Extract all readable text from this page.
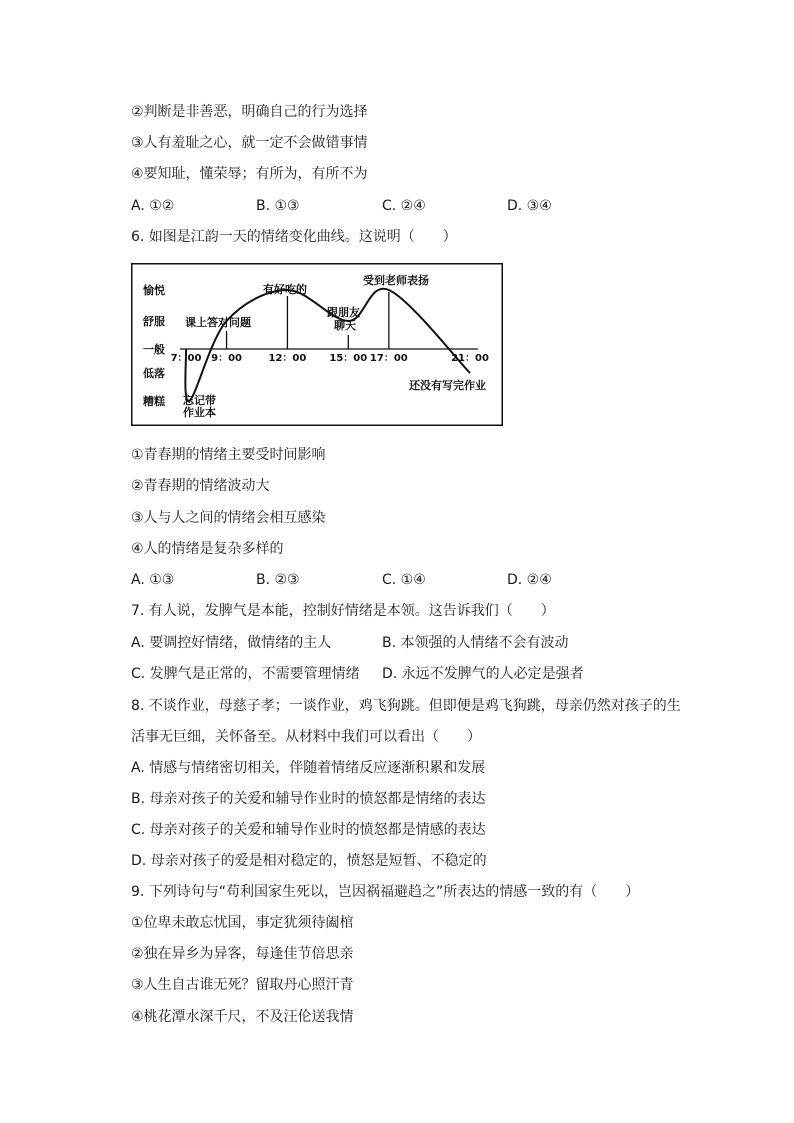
②判断是非善恶，明确自己的行为选择
③人有羞耻之心，就一定不会做错事情
④要知耻，懂荣辱；有所为，有所不为
A. ①②	B. ①③	C. ②④	D. ③④
6. 如图是江韵一天的情绪变化曲线。这说明（　　）
愉悦
舒服
一般
低落
糟糕
7：00 9：00	12：00 15：00 17：00	21：00
课上答对问题
有好吃的
跟朋友
聊天
受到老师表扬
忘记带
作业本
还没有写完作业
①青春期的情绪主要受时间影响
②青春期的情绪波动大
③人与人之间的情绪会相互感染
④人的情绪是复杂多样的
A. ①③	B. ②③	C. ①④	D. ②④
7. 有人说，发脾气是本能，控制好情绪是本领。这告诉我们（　　）
A. 要调控好情绪，做情绪的主人	B. 本领强的人情绪不会有波动
C. 发脾气是正常的，不需要管理情绪 D. 永远不发脾气的人必定是强者
8. 不谈作业，母慈子孝；一谈作业，鸡飞狗跳。但即便是鸡飞狗跳，母亲仍然对孩子的生
活事无巨细，关怀备至。从材料中我们可以看出（　　）
A. 情感与情绪密切相关，伴随着情绪反应逐渐积累和发展
B. 母亲对孩子的关爱和辅导作业时的愤怒都是情绪的表达
C. 母亲对孩子的关爱和辅导作业时的愤怒都是情感的表达
D. 母亲对孩子的爱是相对稳定的，愤怒是短暂、不稳定的
9. 下列诗句与“苟利国家生死以，岂因祸福避趋之”所表达的情感一致的有（　　）
①位卑未敢忘忧国，事定犹须待阖棺
②独在异乡为异客，每逢佳节倍思亲
③人生自古谁无死？留取丹心照汗青
④桃花潭水深千尺，不及汪伦送我情
